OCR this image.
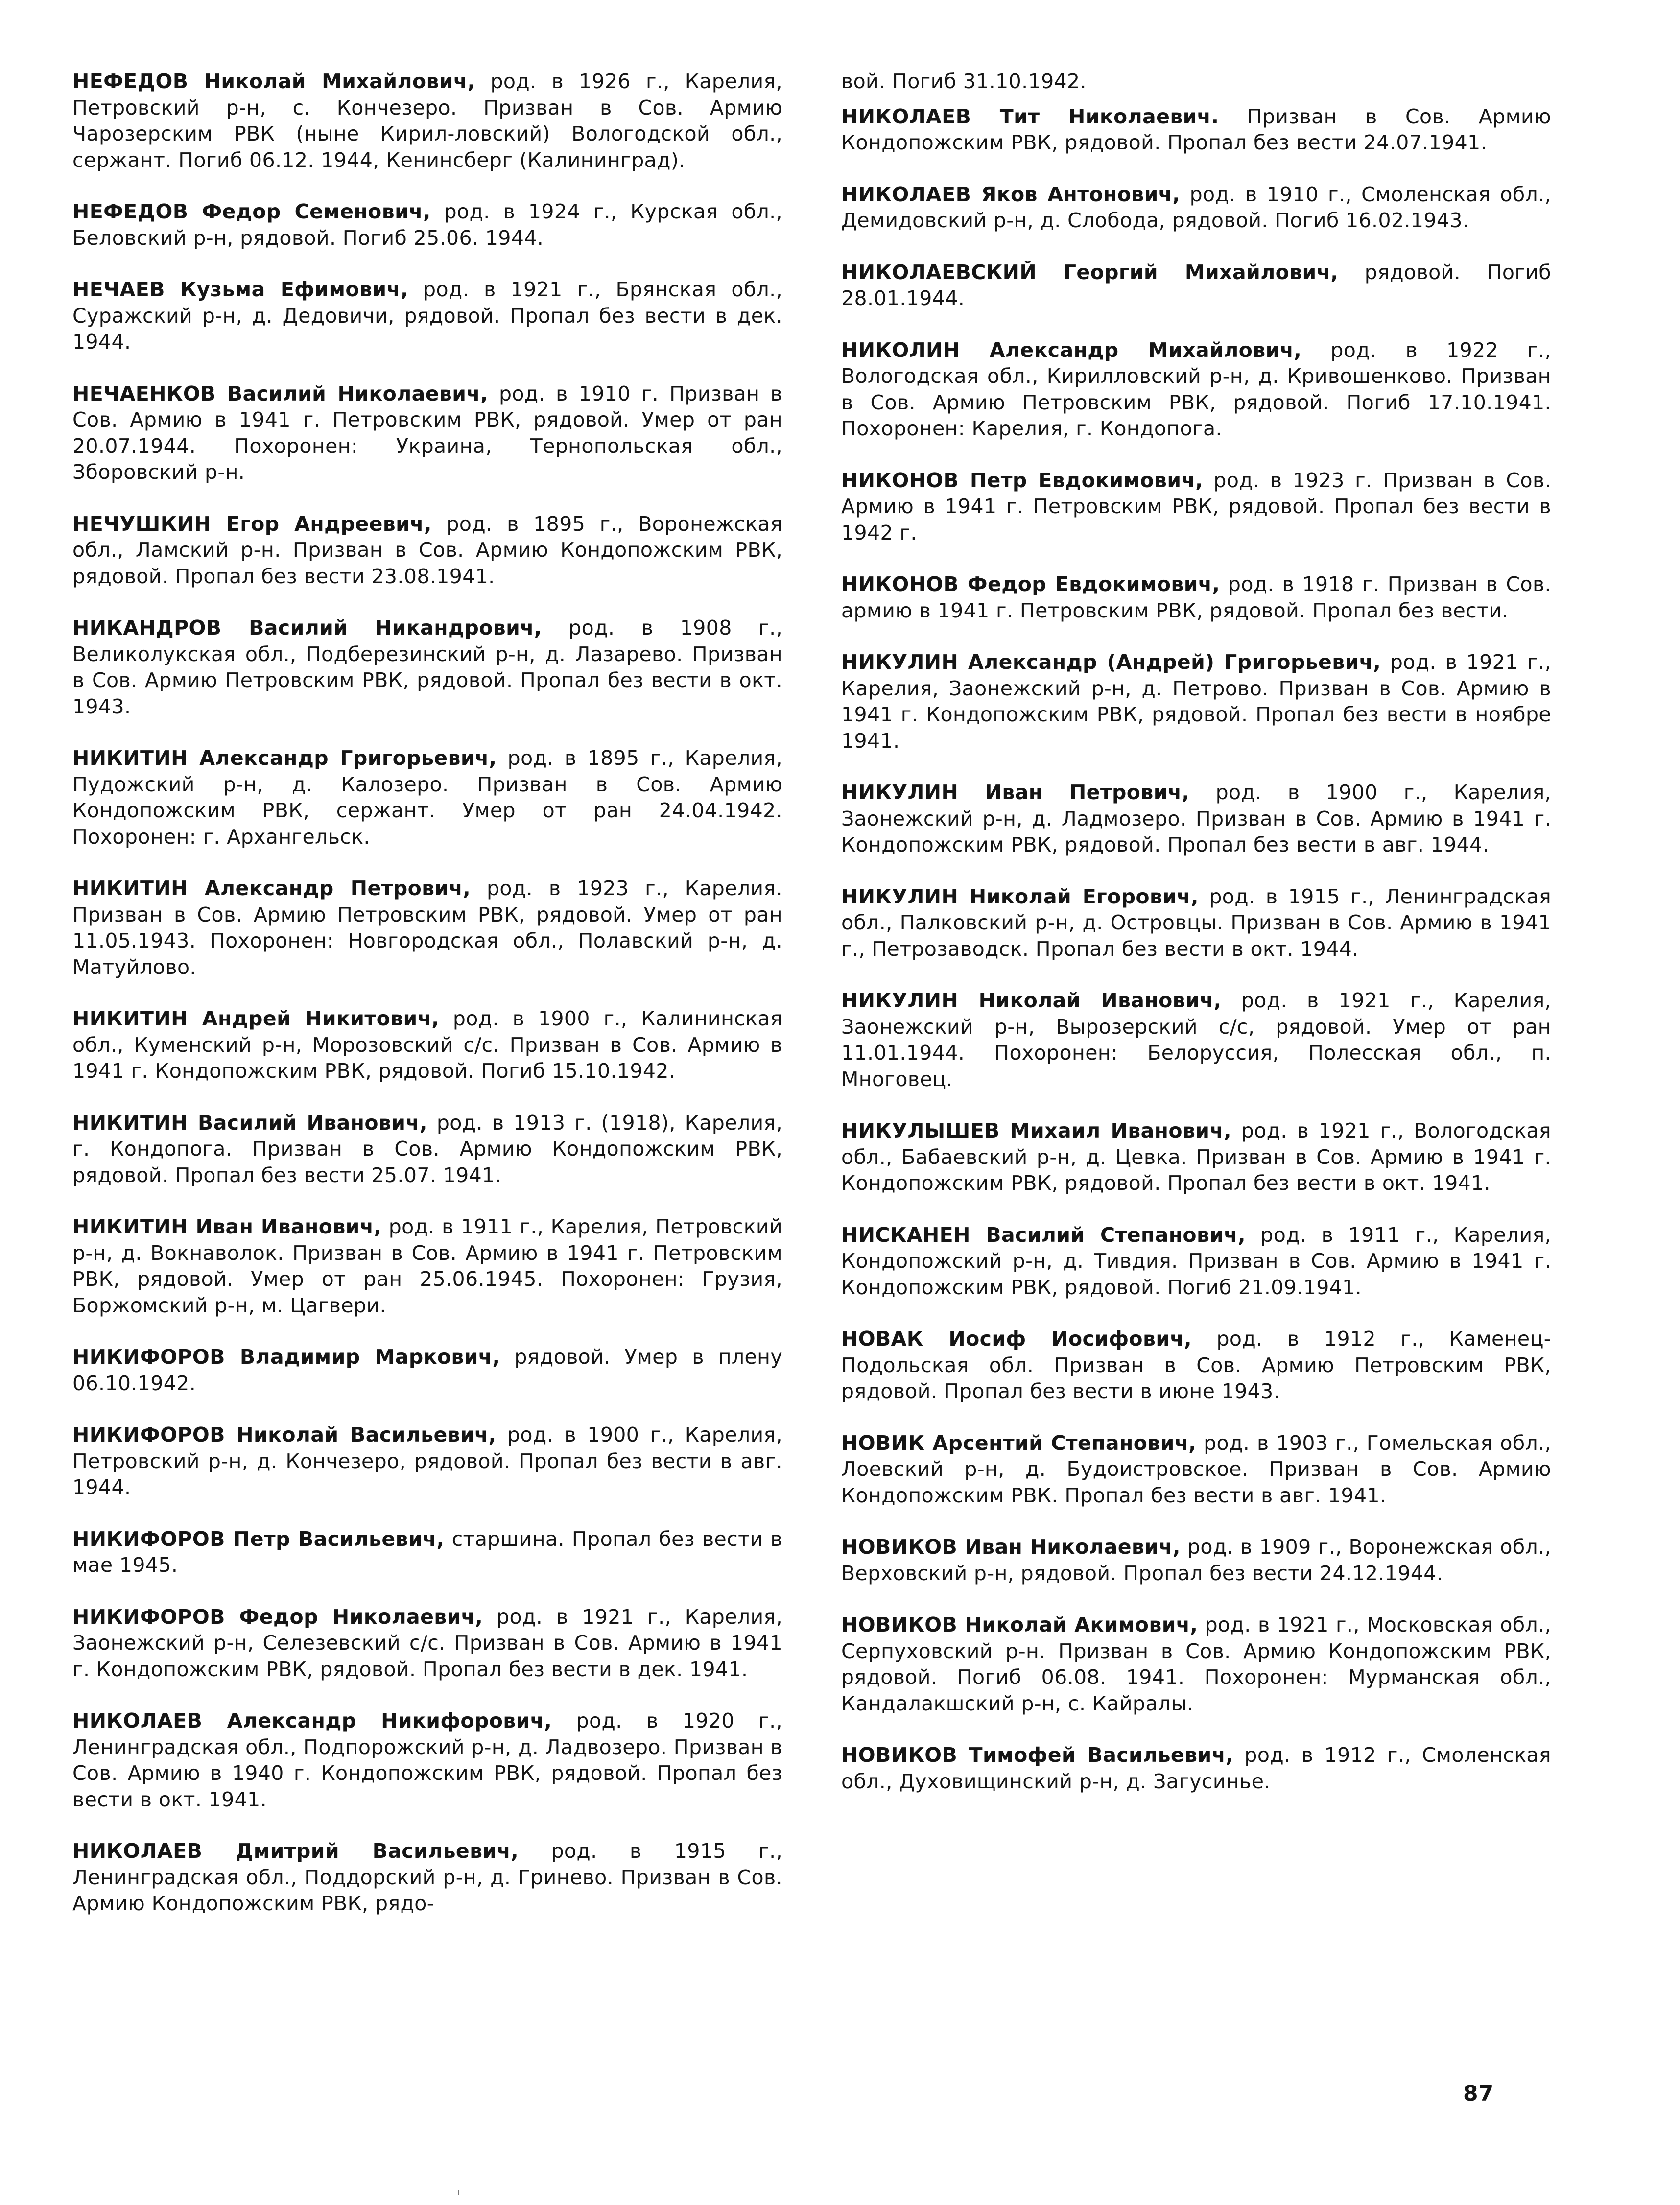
НЕФЕДОВ Николай Михайлович, род. в 1926 г., Карелия, Петровский р-н, с. Кончезеро. Призван в Сов. Армию Чарозерским РВК (ныне Кирил-ловский) Вологодской обл., сержант. Погиб 06.12. 1944, Кенинсберг (Калининград).

НЕФЕДОВ Федор Семенович, род. в 1924 г., Курская обл., Беловский р-н, рядовой. Погиб 25.06. 1944.

НЕЧАЕВ Кузьма Ефимович, род. в 1921 г., Брянская обл., Суражский р-н, д. Дедовичи, рядовой. Пропал без вести в дек. 1944.

НЕЧАЕНКОВ Василий Николаевич, род. в 1910 г. Призван в Сов. Армию в 1941 г. Петровским РВК, рядовой. Умер от ран 20.07.1944. Похоронен: Украина, Тернопольская обл., Зборовский р-н.

НЕЧУШКИН Егор Андреевич, род. в 1895 г., Воронежская обл., Ламский р-н. Призван в Сов. Армию Кондопожским РВК, рядовой. Пропал без вести 23.08.1941.

НИКАНДРОВ Василий Никандрович, род. в 1908 г., Великолукская обл., Подберезинский р-н, д. Лазарево. Призван в Сов. Армию Петровским РВК, рядовой. Пропал без вести в окт. 1943.

НИКИТИН Александр Григорьевич, род. в 1895 г., Карелия, Пудожский р-н, д. Калозеро. Призван в Сов. Армию Кондопожским РВК, сержант. Умер от ран 24.04.1942. Похоронен: г. Архангельск.

НИКИТИН Александр Петрович, род. в 1923 г., Карелия. Призван в Сов. Армию Петровским РВК, рядовой. Умер от ран 11.05.1943. Похоронен: Новгородская обл., Полавский р-н, д. Матуйлово.

НИКИТИН Андрей Никитович, род. в 1900 г., Калининская обл., Куменский р-н, Морозовский с/с. Призван в Сов. Армию в 1941 г. Кондопожским РВК, рядовой. Погиб 15.10.1942.

НИКИТИН Василий Иванович, род. в 1913 г. (1918), Карелия, г. Кондопога. Призван в Сов. Армию Кондопожским РВК, рядовой. Пропал без вести 25.07. 1941.

НИКИТИН Иван Иванович, род. в 1911 г., Карелия, Петровский р-н, д. Вокнаволок. Призван в Сов. Армию в 1941 г. Петровским РВК, рядовой. Умер от ран 25.06.1945. Похоронен: Грузия, Боржомский р-н, м. Цагвери.

НИКИФОРОВ Владимир Маркович, рядовой. Умер в плену 06.10.1942.

НИКИФОРОВ Николай Васильевич, род. в 1900 г., Карелия, Петровский р-н, д. Кончезеро, рядовой. Пропал без вести в авг. 1944.

НИКИФОРОВ Петр Васильевич, старшина. Пропал без вести в мае 1945.

НИКИФОРОВ Федор Николаевич, род. в 1921 г., Карелия, Заонежский р-н, Селезевский с/с. Призван в Сов. Армию в 1941 г. Кондопожским РВК, рядовой. Пропал без вести в дек. 1941.

НИКОЛАЕВ Александр Никифорович, род. в 1920 г., Ленинградская обл., Подпорожский р-н, д. Ладвозеро. Призван в Сов. Армию в 1940 г. Кондопожским РВК, рядовой. Пропал без вести в окт. 1941.

НИКОЛАЕВ Дмитрий Васильевич, род. в 1915 г., Ленинградская обл., Поддорский р-н, д. Гринево. Призван в Сов. Армию Кондопожским РВК, рядо-

вой. Погиб 31.10.1942.

НИКОЛАЕВ Тит Николаевич. Призван в Сов. Армию Кондопожским РВК, рядовой. Пропал без вести 24.07.1941.

НИКОЛАЕВ Яков Антонович, род. в 1910 г., Смоленская обл., Демидовский р-н, д. Слобода, рядовой. Погиб 16.02.1943.

НИКОЛАЕВСКИЙ Георгий Михайлович, рядовой. Погиб 28.01.1944.

НИКОЛИН Александр Михайлович, род. в 1922 г., Вологодская обл., Кирилловский р-н, д. Кривошенково. Призван в Сов. Армию Петровским РВК, рядовой. Погиб 17.10.1941. Похоронен: Карелия, г. Кондопога.

НИКОНОВ Петр Евдокимович, род. в 1923 г. Призван в Сов. Армию в 1941 г. Петровским РВК, рядовой. Пропал без вести в 1942 г.

НИКОНОВ Федор Евдокимович, род. в 1918 г. Призван в Сов. армию в 1941 г. Петровским РВК, рядовой. Пропал без вести.

НИКУЛИН Александр (Андрей) Григорьевич, род. в 1921 г., Карелия, Заонежский р-н, д. Петрово. Призван в Сов. Армию в 1941 г. Кондопожским РВК, рядовой. Пропал без вести в ноябре 1941.

НИКУЛИН Иван Петрович, род. в 1900 г., Карелия, Заонежский р-н, д. Ладмозеро. Призван в Сов. Армию в 1941 г. Кондопожским РВК, рядовой. Пропал без вести в авг. 1944.

НИКУЛИН Николай Егорович, род. в 1915 г., Ленинградская обл., Палковский р-н, д. Островцы. Призван в Сов. Армию в 1941 г., Петрозаводск. Пропал без вести в окт. 1944.

НИКУЛИН Николай Иванович, род. в 1921 г., Карелия, Заонежский р-н, Вырозерский с/с, рядовой. Умер от ран 11.01.1944. Похоронен: Белоруссия, Полесская обл., п. Многовец.

НИКУЛЫШЕВ Михаил Иванович, род. в 1921 г., Вологодская обл., Бабаевский р-н, д. Цевка. Призван в Сов. Армию в 1941 г. Кондопожским РВК, рядовой. Пропал без вести в окт. 1941.

НИСКАНЕН Василий Степанович, род. в 1911 г., Карелия, Кондопожский р-н, д. Тивдия. Призван в Сов. Армию в 1941 г. Кондопожским РВК, рядовой. Погиб 21.09.1941.

НОВАК Иосиф Иосифович, род. в 1912 г., Каменец-Подольская обл. Призван в Сов. Армию Петровским РВК, рядовой. Пропал без вести в июне 1943.

НОВИК Арсентий Степанович, род. в 1903 г., Гомельская обл., Лоевский р-н, д. Будоистровское. Призван в Сов. Армию Кондопожским РВК. Пропал без вести в авг. 1941.

НОВИКОВ Иван Николаевич, род. в 1909 г., Воронежская обл., Верховский р-н, рядовой. Пропал без вести 24.12.1944.

НОВИКОВ Николай Акимович, род. в 1921 г., Московская обл., Серпуховский р-н. Призван в Сов. Армию Кондопожским РВК, рядовой. Погиб 06.08. 1941. Похоронен: Мурманская обл., Кандалакшский р-н, с. Кайралы.

НОВИКОВ Тимофей Васильевич, род. в 1912 г., Смоленская обл., Духовищинский р-н, д. Загусинье.

87
